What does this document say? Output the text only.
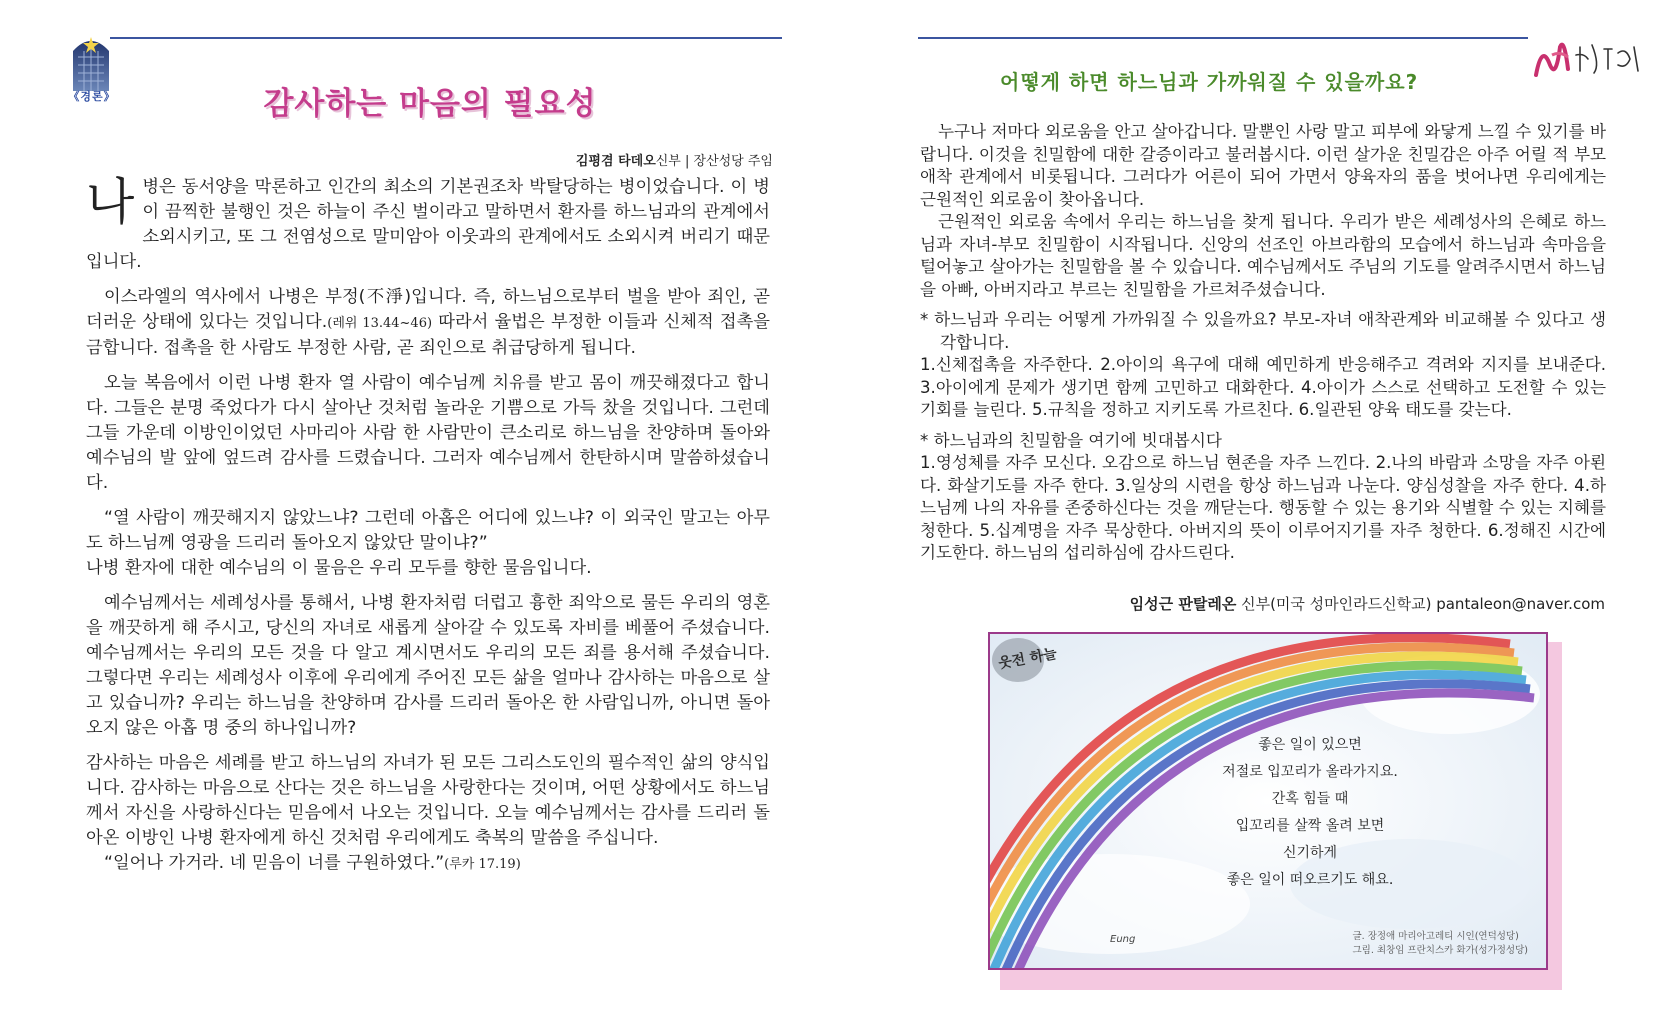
《경론》	감사하는 마음의 필요성
김평겸 타데오신부 | 장산성당 주임

나병은 동서양을 막론하고 인간의 최소의 기본권조차 박탈당하는 병이었습니다. 이 병이 끔찍한 불행인 것은 하늘이 주신 벌이라고 말하면서 환자를 하느님과의 관계에서 소외시키고, 또 그 전염성으로 말미암아 이웃과의 관계에서도 소외시켜 버리기 때문입니다.

이스라엘의 역사에서 나병은 부정(不淨)입니다. 즉, 하느님으로부터 벌을 받아 죄인, 곧 더러운 상태에 있다는 것입니다.(레위 13.44~46) 따라서 율법은 부정한 이들과 신체적 접촉을 금합니다. 접촉을 한 사람도 부정한 사람, 곧 죄인으로 취급당하게 됩니다.

오늘 복음에서 이런 나병 환자 열 사람이 예수님께 치유를 받고 몸이 깨끗해졌다고 합니다. 그들은 분명 죽었다가 다시 살아난 것처럼 놀라운 기쁨으로 가득 찼을 것입니다. 그런데 그들 가운데 이방인이었던 사마리아 사람 한 사람만이 큰소리로 하느님을 찬양하며 돌아와 예수님의 발 앞에 엎드려 감사를 드렸습니다. 그러자 예수님께서 한탄하시며 말씀하셨습니다.

“열 사람이 깨끗해지지 않았느냐? 그런데 아홉은 어디에 있느냐? 이 외국인 말고는 아무도 하느님께 영광을 드리러 돌아오지 않았단 말이냐?”

나병 환자에 대한 예수님의 이 물음은 우리 모두를 향한 물음입니다.

예수님께서는 세례성사를 통해서, 나병 환자처럼 더럽고 흉한 죄악으로 물든 우리의 영혼을 깨끗하게 해 주시고, 당신의 자녀로 새롭게 살아갈 수 있도록 자비를 베풀어 주셨습니다. 예수님께서는 우리의 모든 것을 다 알고 계시면서도 우리의 모든 죄를 용서해 주셨습니다. 그렇다면 우리는 세례성사 이후에 우리에게 주어진 모든 삶을 얼마나 감사하는 마음으로 살고 있습니까? 우리는 하느님을 찬양하며 감사를 드리러 돌아온 한 사람입니까, 아니면 돌아오지 않은 아홉 명 중의 하나입니까?

감사하는 마음은 세례를 받고 하느님의 자녀가 된 모든 그리스도인의 필수적인 삶의 양식입니다. 감사하는 마음으로 산다는 것은 하느님을 사랑한다는 것이며, 어떤 상황에서도 하느님께서 자신을 사랑하신다는 믿음에서 나오는 것입니다. 오늘 예수님께서는 감사를 드리러 돌아온 이방인 나병 환자에게 하신 것처럼 우리에게도 축복의 말씀을 주십니다.

“일어나 가거라. 네 믿음이 너를 구원하였다.”(루카 17.19)

어떻게 하면 하느님과 가까워질 수 있을까요?

누구나 저마다 외로움을 안고 살아갑니다. 말뿐인 사랑 말고 피부에 와닿게 느낄 수 있기를 바랍니다. 이것을 친밀함에 대한 갈증이라고 불러봅시다. 이런 살가운 친밀감은 아주 어릴 적 부모 애착 관계에서 비롯됩니다. 그러다가 어른이 되어 가면서 양육자의 품을 벗어나면 우리에게는 근원적인 외로움이 찾아옵니다.

근원적인 외로움 속에서 우리는 하느님을 찾게 됩니다. 우리가 받은 세례성사의 은혜로 하느님과 자녀-부모 친밀함이 시작됩니다. 신앙의 선조인 아브라함의 모습에서 하느님과 속마음을 털어놓고 살아가는 친밀함을 볼 수 있습니다. 예수님께서도 주님의 기도를 알려주시면서 하느님을 아빠, 아버지라고 부르는 친밀함을 가르쳐주셨습니다.

* 하느님과 우리는 어떻게 가까워질 수 있을까요? 부모-자녀 애착관계와 비교해볼 수 있다고 생각합니다.

1.신체접촉을 자주한다. 2.아이의 욕구에 대해 예민하게 반응해주고 격려와 지지를 보내준다. 3.아이에게 문제가 생기면 함께 고민하고 대화한다. 4.아이가 스스로 선택하고 도전할 수 있는 기회를 늘린다. 5.규칙을 정하고 지키도록 가르친다. 6.일관된 양육 태도를 갖는다.

* 하느님과의 친밀함을 여기에 빗대봅시다

1.영성체를 자주 모신다. 오감으로 하느님 현존을 자주 느낀다. 2.나의 바람과 소망을 자주 아뢴다. 화살기도를 자주 한다. 3.일상의 시련을 항상 하느님과 나눈다. 양심성찰을 자주 한다. 4.하느님께 나의 자유를 존중하신다는 것을 깨닫는다. 행동할 수 있는 용기와 식별할 수 있는 지혜를 청한다. 5.십계명을 자주 묵상한다. 아버지의 뜻이 이루어지기를 자주 청한다. 6.정해진 시간에 기도한다. 하느님의 섭리하심에 감사드린다.

임성근 판탈레온 신부(미국 성마인라드신학교) pantaleon@naver.com
웃전 하늘
좋은 일이 있으면
저절로 입꼬리가 올라가지요.
간혹 힘들 때
입꼬리를 살짝 올려 보면
신기하게
좋은 일이 떠오르기도 해요.
Eung	글. 장정애 마리아고레티 시인(연덕성당)
그림. 최창임 프란치스카 화가(성가정성당)
